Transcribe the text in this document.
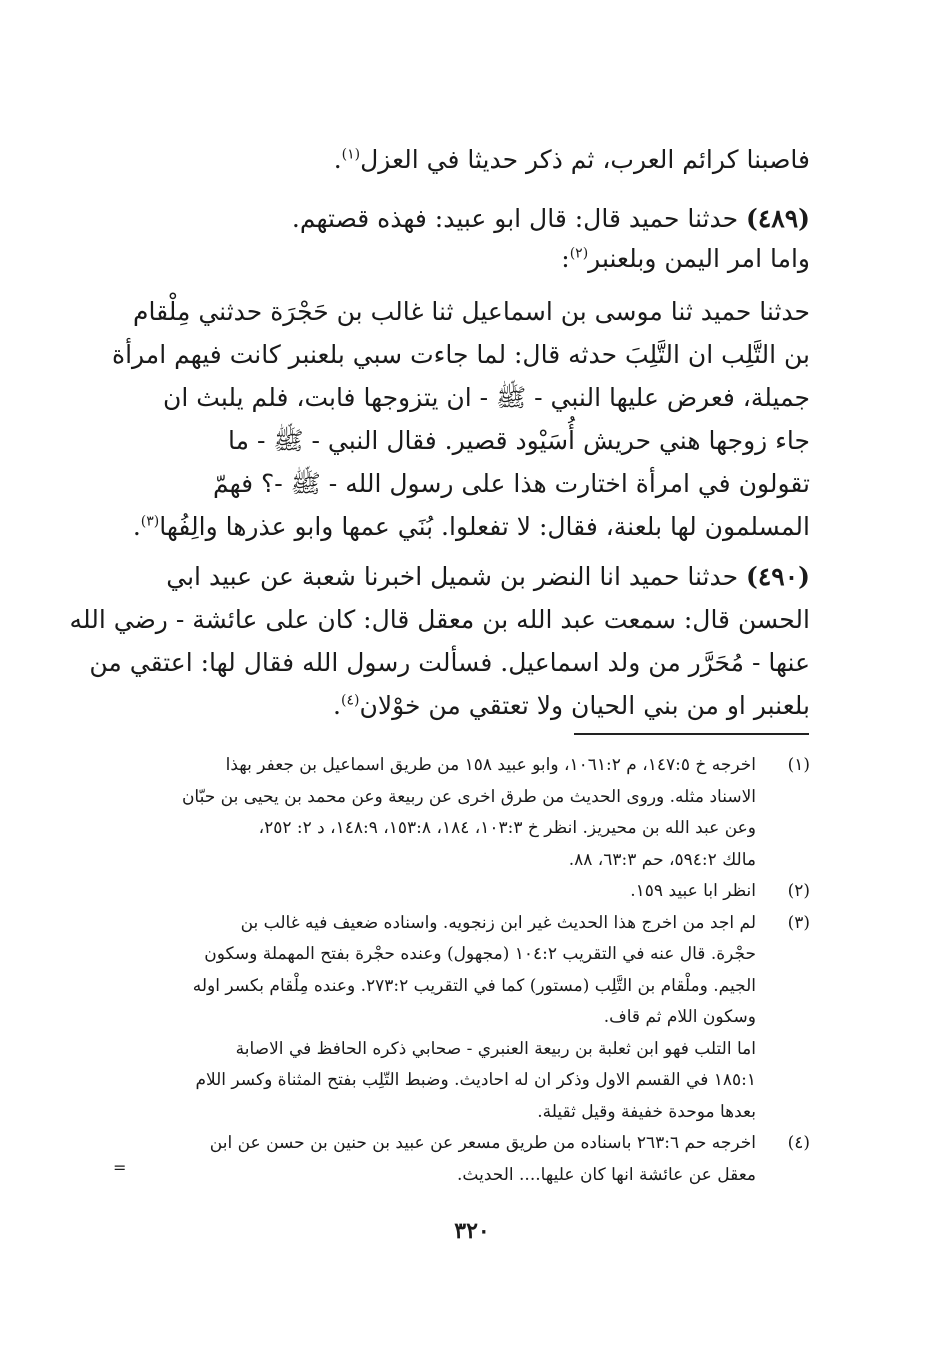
فاصبنا كرائم العرب، ثم ذكر حديثا في العزل$^{(١)}$.
(٤٨٩) حدثنا حميد قال: قال ابو عبيد: فهذه قصتهم.
واما امر اليمن وبلعنبر$^{(٢)}$:
حدثنا حميد ثنا موسى بن اسماعيل ثنا غالب بن حَجْرَة حدثني مِلْقام
بن التَّلِب ان التَّلِبَ حدثه قال: لما جاءت سبي بلعنبر كانت فيهم امرأة
جميلة، فعرض عليها النبي - ﷺ - ان يتزوجها فابت، فلم يلبث ان
جاء زوجها هني حريش أُسَيْود قصير. فقال النبي - ﷺ - ما
تقولون في امرأة اختارت هذا على رسول الله - ﷺ -؟ فهمّ
المسلمون لها بلعنة، فقال: لا تفعلوا. بُنَي عمها وابو عذرها والِفُها$^{(٣)}$.
(٤٩٠) حدثنا حميد انا النضر بن شميل اخبرنا شعبة عن عبيد ابي
الحسن قال: سمعت عبد الله بن معقل قال: كان على عائشة - رضي الله
عنها - مُحَرَّر من ولد اسماعيل. فسألت رسول الله فقال لها: اعتقي من
بلعنبر او من بني الحيان ولا تعتقي من خوْلان$^{(٤)}$.
(١)
اخرجه خ ١٤٧:٥، م ١٠٦١:٢، وابو عبيد ١٥٨ من طريق اسماعيل بن جعفر بهذا
الاسناد مثله. وروى الحديث من طرق اخرى عن ربيعة وعن محمد بن يحيى بن حبّان
وعن عبد الله بن محيريز. انظر خ ١٠٣:٣، ١٨٤، ١٥٣:٨، ١٤٨:٩، د ٢: ٢٥٢،
مالك ٥٩٤:٢، حم ٦٣:٣، ٨٨.
(٢)
انظر ابا عبيد ١٥٩.
(٣)
لم اجد من اخرج هذا الحديث غير ابن زنجويه. واسناده ضعيف فيه غالب بن
حجْرة. قال عنه في التقريب ١٠٤:٢ (مجهول) وعنده حجْرة بفتح المهملة وسكون
الجيم. وملْقام بن التَّلِب (مستور) كما في التقريب ٢٧٣:٢. وعنده مِلْقام بكسر اوله
وسكون اللام ثم قاف.
اما التلب فهو ابن ثعلبة بن ربيعة العنبري - صحابي ذكره الحافظ في الاصابة
١٨٥:١ في القسم الاول وذكر ان له احاديث. وضبط التّلِب بفتح المثناة وكسر اللام
بعدها موحدة خفيفة وقيل ثقيلة.
(٤)
اخرجه حم ٢٦٣:٦ باسناده من طريق مسعر عن عبيد بن حنين بن حسن عن ابن
معقل عن عائشة انها كان عليها.... الحديث.
=
٣٢٠
